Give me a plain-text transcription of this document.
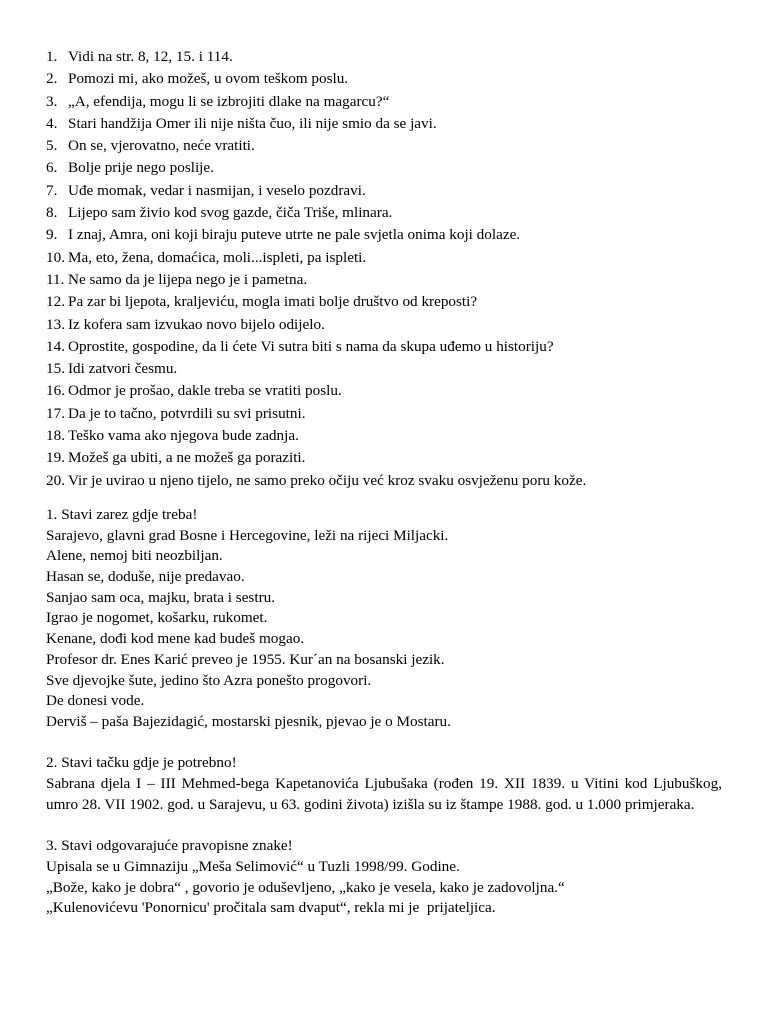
1. Vidi na str. 8, 12, 15. i 114.
2. Pomozi mi, ako možeš, u ovom teškom poslu.
3. „A, efendija, mogu li se izbrojiti dlake na magarcu?“
4. Stari handžija Omer ili nije ništa čuo, ili nije smio da se javi.
5. On se, vjerovatno, neće vratiti.
6. Bolje prije nego poslije.
7. Uđe momak, vedar i nasmijan, i veselo pozdravi.
8. Lijepo sam živio kod svog gazde, čiča Triše, mlinara.
9. I znaj, Amra, oni koji biraju puteve utrte ne pale svjetla onima koji dolaze.
10. Ma, eto, žena, domaćica, moli...ispleti, pa ispleti.
11. Ne samo da je lijepa nego je i pametna.
12. Pa zar bi ljepota, kraljeviću, mogla imati bolje društvo od kreposti?
13. Iz kofera sam izvukao novo bijelo odijelo.
14. Oprostite, gospodine, da li ćete Vi sutra biti s nama da skupa uđemo u historiju?
15. Idi zatvori česmu.
16. Odmor je prošao, dakle treba se vratiti poslu.
17. Da je to tačno, potvrdili su svi prisutni.
18. Teško vama ako njegova bude zadnja.
19. Možeš ga ubiti, a ne možeš ga poraziti.
20. Vir je uvirao u njeno tijelo, ne samo preko očiju već kroz svaku osvježenu poru kože.

1. Stavi zarez gdje treba!

Sarajevo, glavni grad Bosne i Hercegovine, leži na rijeci Miljacki.

Alene, nemoj biti neozbiljan.

Hasan se, doduše, nije predavao.

Sanjao sam oca, majku, brata i sestru.

Igrao je nogomet, košarku, rukomet.

Kenane, dođi kod mene kad budeš mogao.

Profesor dr. Enes Karić preveo je 1955. Kur´an na bosanski jezik.

Sve djevojke šute, jedino što Azra ponešto progovori.

De donesi vode.

Derviš – paša Bajezidagić, mostarski pjesnik, pjevao je o Mostaru.

2. Stavi tačku gdje je potrebno!

Sabrana djela I – III Mehmed-bega Kapetanovića Ljubušaka (rođen 19. XII 1839. u Vitini kod Ljubuškog, umro 28. VII 1902. god. u Sarajevu, u 63. godini života) izišla su iz štampe 1988. god. u 1.000 primjeraka.

3. Stavi odgovarajuće pravopisne znake!

Upisala se u Gimnaziju „Meša Selimović“ u Tuzli 1998/99. Godine.

„Bože, kako je dobra“ , govorio je oduševljeno, „kako je vesela, kako je zadovoljna.“

„Kulenovićevu 'Ponornicu' pročitala sam dvaput“, rekla mi je  prijateljica.
